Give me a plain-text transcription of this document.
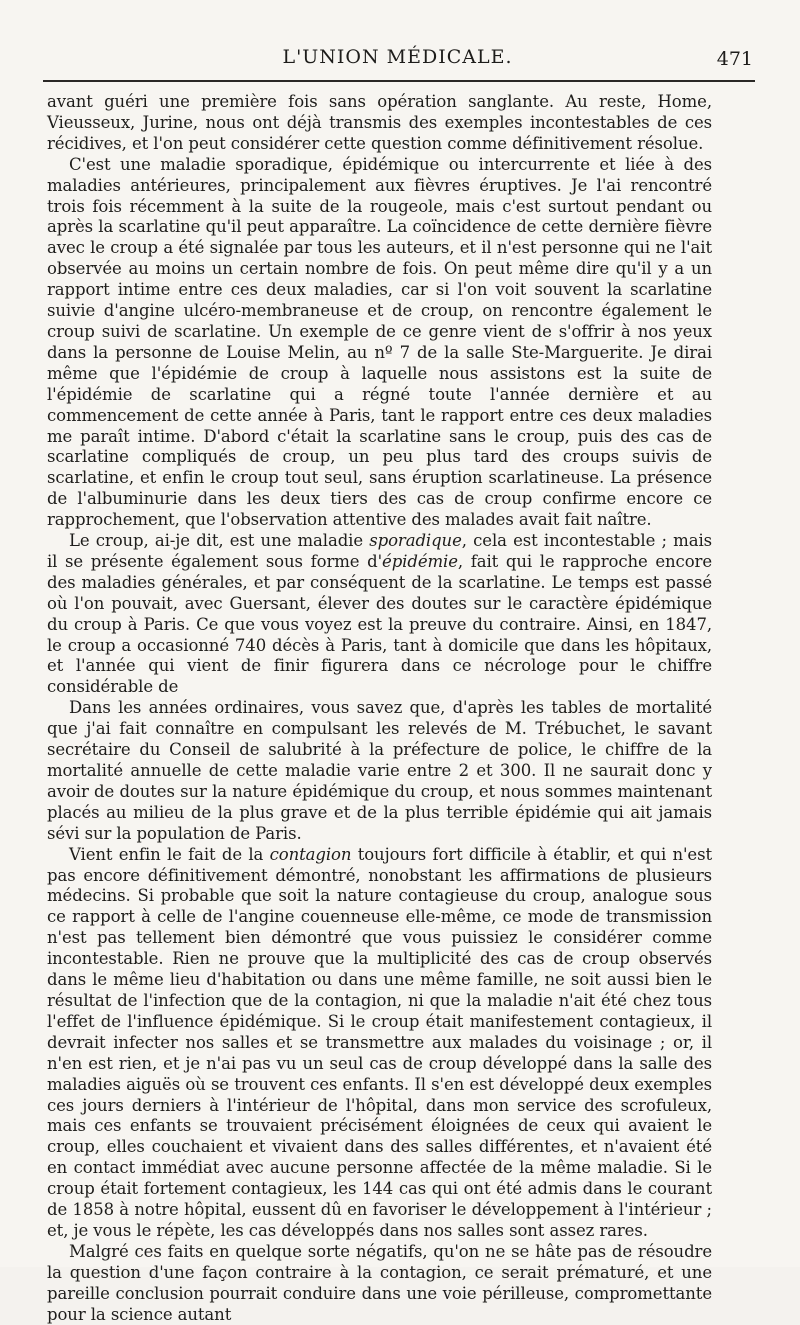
L'UNION MÉDICALE.	471

avant guéri une première fois sans opération sanglante. Au reste, Home, Vieusseux, Jurine, nous ont déjà transmis des exemples incontestables de ces récidives, et l'on peut considérer cette question comme définitivement résolue.

C'est une maladie sporadique, épidémique ou intercurrente et liée à des maladies antérieures, principalement aux fièvres éruptives. Je l'ai rencontré trois fois récemment à la suite de la rougeole, mais c'est surtout pendant ou après la scarlatine qu'il peut apparaître. La coïncidence de cette dernière fièvre avec le croup a été signalée par tous les auteurs, et il n'est personne qui ne l'ait observée au moins un certain nombre de fois. On peut même dire qu'il y a un rapport intime entre ces deux maladies, car si l'on voit souvent la scarlatine suivie d'angine ulcéro-membraneuse et de croup, on rencontre également le croup suivi de scarlatine. Un exemple de ce genre vient de s'offrir à nos yeux dans la personne de Louise Melin, au nº 7 de la salle Ste-Marguerite. Je dirai même que l'épidémie de croup à laquelle nous assistons est la suite de l'épidémie de scarlatine qui a régné toute l'année dernière et au commencement de cette année à Paris, tant le rapport entre ces deux maladies me paraît intime. D'abord c'était la scarlatine sans le croup, puis des cas de scarlatine compliqués de croup, un peu plus tard des croups suivis de scarlatine, et enfin le croup tout seul, sans éruption scarlatineuse. La présence de l'albuminurie dans les deux tiers des cas de croup confirme encore ce rapprochement, que l'observation attentive des malades avait fait naître.

Le croup, ai-je dit, est une maladie sporadique, cela est incontestable ; mais il se présente également sous forme d'épidémie, fait qui le rapproche encore des maladies générales, et par conséquent de la scarlatine. Le temps est passé où l'on pouvait, avec Guersant, élever des doutes sur le caractère épidémique du croup à Paris. Ce que vous voyez est la preuve du contraire. Ainsi, en 1847, le croup a occasionné 740 décès à Paris, tant à domicile que dans les hôpitaux, et l'année qui vient de finir figurera dans ce nécrologe pour le chiffre considérable de

Dans les années ordinaires, vous savez que, d'après les tables de mortalité que j'ai fait connaître en compulsant les relevés de M. Trébuchet, le savant secrétaire du Conseil de salubrité à la préfecture de police, le chiffre de la mortalité annuelle de cette maladie varie entre 2 et 300. Il ne saurait donc y avoir de doutes sur la nature épidémique du croup, et nous sommes maintenant placés au milieu de la plus grave et de la plus terrible épidémie qui ait jamais sévi sur la population de Paris.

Vient enfin le fait de la contagion toujours fort difficile à établir, et qui n'est pas encore définitivement démontré, nonobstant les affirmations de plusieurs médecins. Si probable que soit la nature contagieuse du croup, analogue sous ce rapport à celle de l'angine couenneuse elle-même, ce mode de transmission n'est pas tellement bien démontré que vous puissiez le considérer comme incontestable. Rien ne prouve que la multiplicité des cas de croup observés dans le même lieu d'habitation ou dans une même famille, ne soit aussi bien le résultat de l'infection que de la contagion, ni que la maladie n'ait été chez tous l'effet de l'influence épidémique. Si le croup était manifestement contagieux, il devrait infecter nos salles et se transmettre aux malades du voisinage ; or, il n'en est rien, et je n'ai pas vu un seul cas de croup développé dans la salle des maladies aiguës où se trouvent ces enfants. Il s'en est développé deux exemples ces jours derniers à l'intérieur de l'hôpital, dans mon service des scrofuleux, mais ces enfants se trouvaient précisément éloignées de ceux qui avaient le croup, elles couchaient et vivaient dans des salles différentes, et n'avaient été en contact immédiat avec aucune personne affectée de la même maladie. Si le croup était fortement contagieux, les 144 cas qui ont été admis dans le courant de 1858 à notre hôpital, eussent dû en favoriser le développement à l'intérieur ; et, je vous le répète, les cas développés dans nos salles sont assez rares.

Malgré ces faits en quelque sorte négatifs, qu'on ne se hâte pas de résoudre la question d'une façon contraire à la contagion, ce serait prématuré, et une pareille conclusion pourrait conduire dans une voie périlleuse, compromettante pour la science autant
